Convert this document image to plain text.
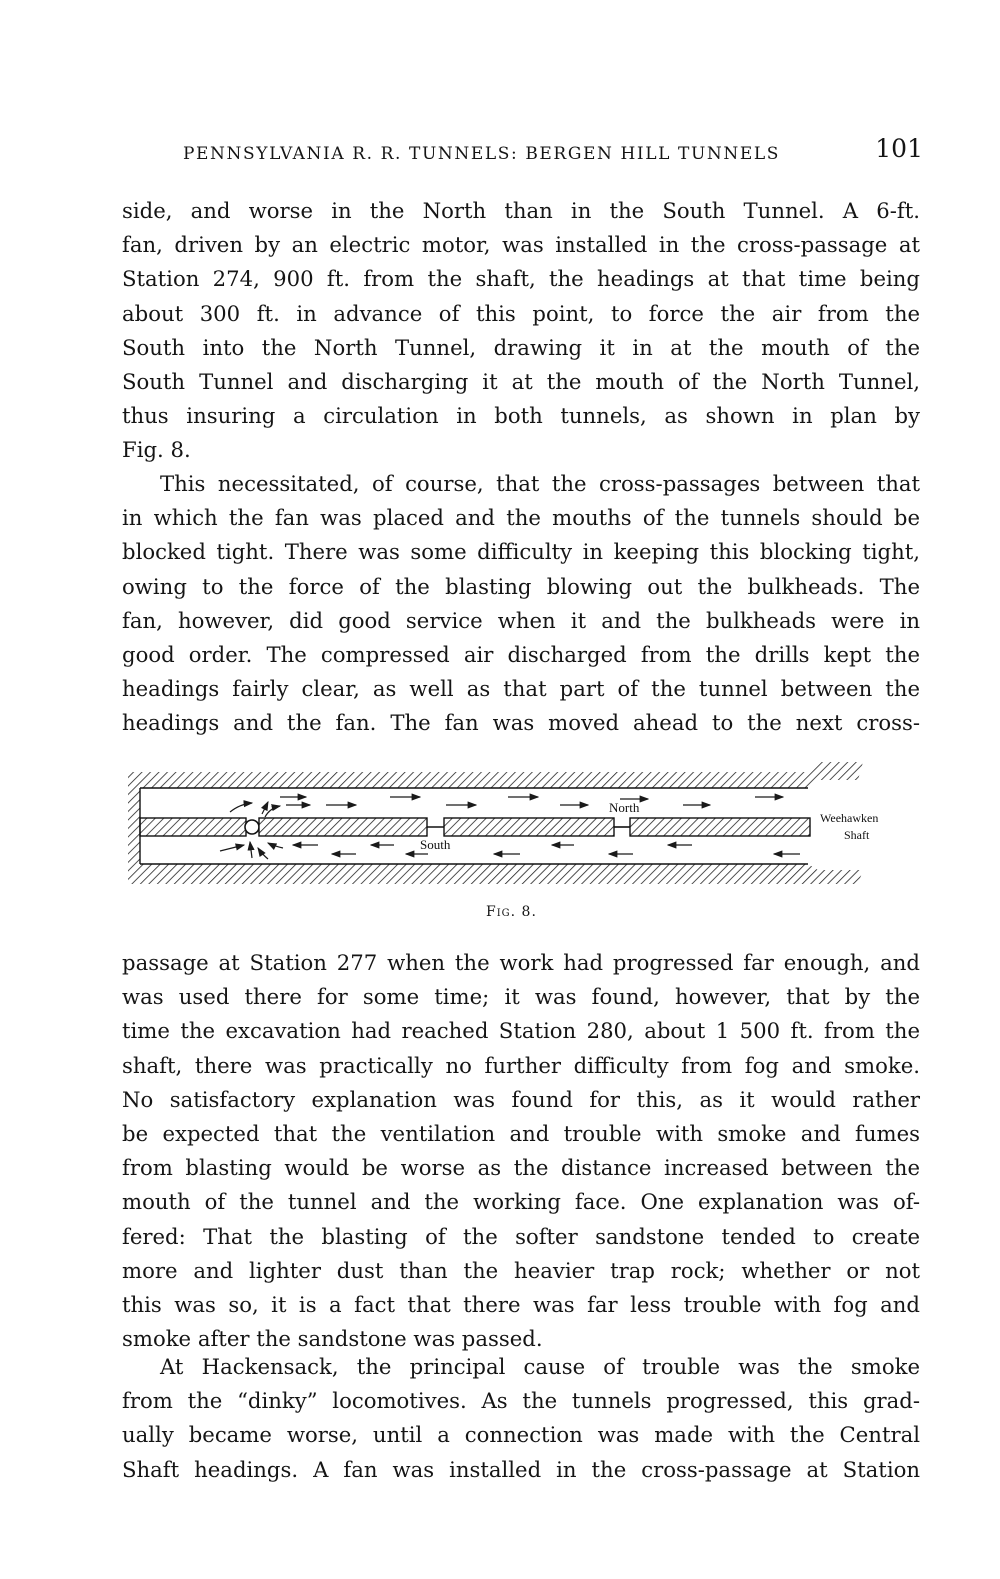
PENNSYLVANIA R. R. TUNNELS: BERGEN HILL TUNNELS	101
side, and worse in the North than in the South Tunnel. A 6-ft.
fan, driven by an electric motor, was installed in the cross-passage at
Station 274, 900 ft. from the shaft, the headings at that time being
about 300 ft. in advance of this point, to force the air from the
South into the North Tunnel, drawing it in at the mouth of the
South Tunnel and discharging it at the mouth of the North Tunnel,
thus insuring a circulation in both tunnels, as shown in plan by
Fig. 8.
This necessitated, of course, that the cross-passages between that
in which the fan was placed and the mouths of the tunnels should be
blocked tight. There was some difficulty in keeping this blocking tight,
owing to the force of the blasting blowing out the bulkheads. The
fan, however, did good service when it and the bulkheads were in
good order. The compressed air discharged from the drills kept the
headings fairly clear, as well as that part of the tunnel between the
headings and the fan. The fan was moved ahead to the next cross-
North
South
Weehawken
Shaft
Fig. 8.
passage at Station 277 when the work had progressed far enough, and
was used there for some time; it was found, however, that by the
time the excavation had reached Station 280, about 1 500 ft. from the
shaft, there was practically no further difficulty from fog and smoke.
No satisfactory explanation was found for this, as it would rather
be expected that the ventilation and trouble with smoke and fumes
from blasting would be worse as the distance increased between the
mouth of the tunnel and the working face. One explanation was of-
fered: That the blasting of the softer sandstone tended to create
more and lighter dust than the heavier trap rock; whether or not
this was so, it is a fact that there was far less trouble with fog and
smoke after the sandstone was passed.
At Hackensack, the principal cause of trouble was the smoke
from the “dinky” locomotives. As the tunnels progressed, this grad-
ually became worse, until a connection was made with the Central
Shaft headings. A fan was installed in the cross-passage at Station
